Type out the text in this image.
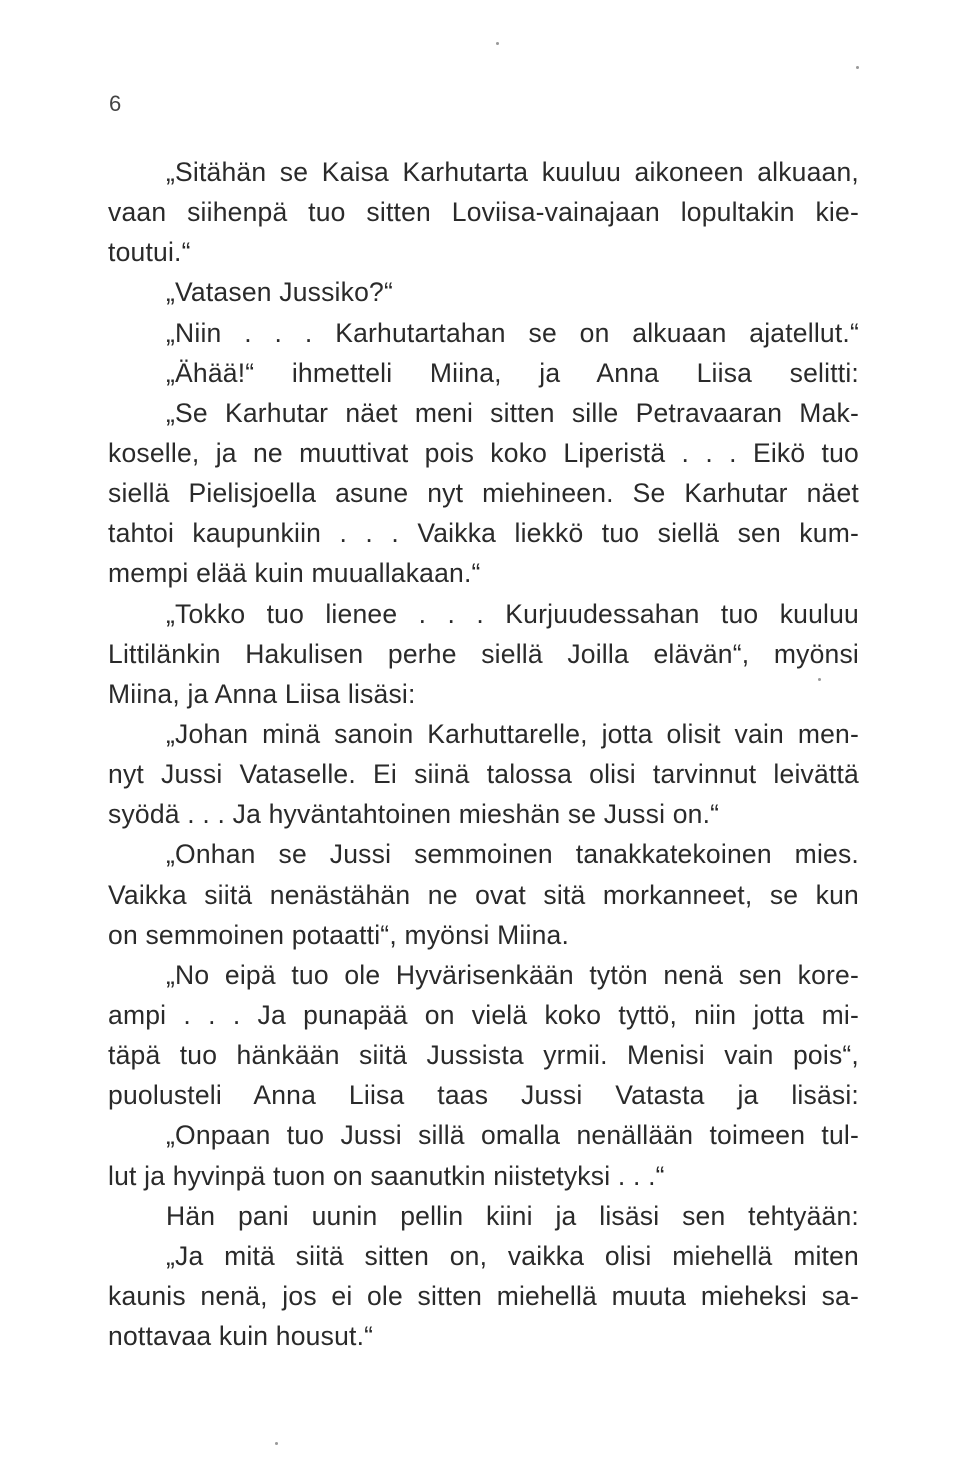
6
„Sitähän se Kaisa Karhutarta kuuluu aikoneen alkuaan,
vaan siihenpä tuo sitten Loviisa-vainajaan lopultakin kie-
toutui.“
„Vatasen Jussiko?“
„Niin . . . Karhutartahan se on alkuaan ajatellut.“
„Ähää!“ ihmetteli Miina, ja Anna Liisa selitti:
„Se Karhutar näet meni sitten sille Petravaaran Mak-
koselle, ja ne muuttivat pois koko Liperistä . . . Eikö tuo
siellä Pielisjoella asune nyt miehineen. Se Karhutar näet
tahtoi kaupunkiin . . . Vaikka liekkö tuo siellä sen kum-
mempi elää kuin muuallakaan.“
„Tokko tuo lienee . . . Kurjuudessahan tuo kuuluu
Littilänkin Hakulisen perhe siellä Joilla elävän“, myönsi
Miina, ja Anna Liisa lisäsi:
„Johan minä sanoin Karhuttarelle, jotta olisit vain men-
nyt Jussi Vataselle. Ei siinä talossa olisi tarvinnut leivättä
syödä . . . Ja hyväntahtoinen mieshän se Jussi on.“
„Onhan se Jussi semmoinen tanakkatekoinen mies.
Vaikka siitä nenästähän ne ovat sitä morkanneet, se kun
on semmoinen potaatti“, myönsi Miina.
„No eipä tuo ole Hyvärisenkään tytön nenä sen kore-
ampi . . . Ja punapää on vielä koko tyttö, niin jotta mi-
täpä tuo hänkään siitä Jussista yrmii. Menisi vain pois“,
puolusteli Anna Liisa taas Jussi Vatasta ja lisäsi:
„Onpaan tuo Jussi sillä omalla nenällään toimeen tul-
lut ja hyvinpä tuon on saanutkin niistetyksi . . .“
Hän pani uunin pellin kiini ja lisäsi sen tehtyään:
„Ja mitä siitä sitten on, vaikka olisi miehellä miten
kaunis nenä, jos ei ole sitten miehellä muuta mieheksi sa-
nottavaa kuin housut.“
